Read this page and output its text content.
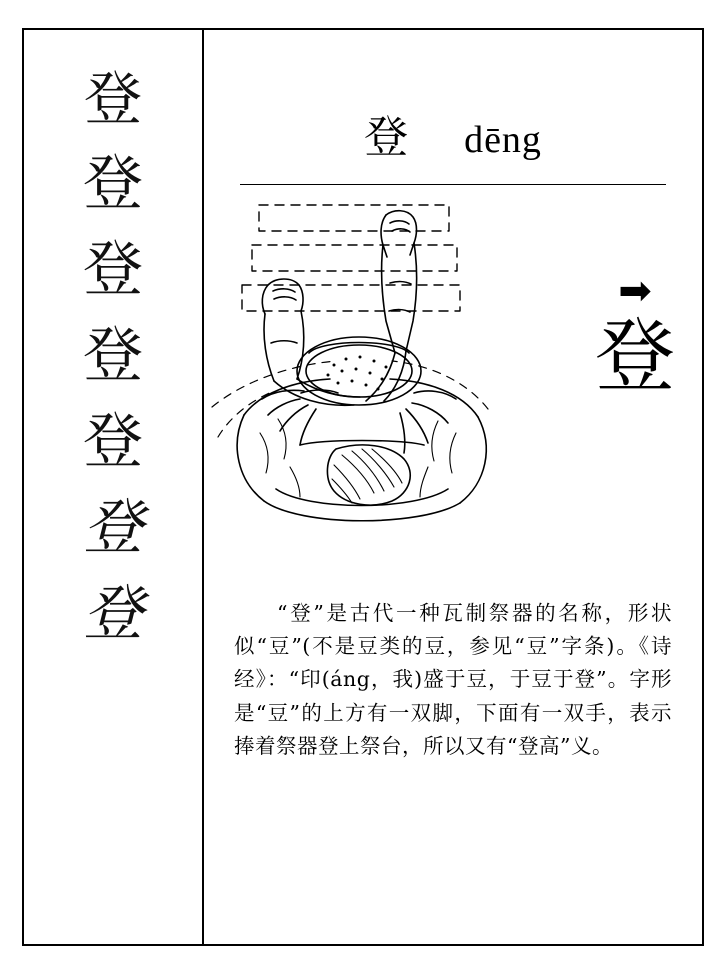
登
登
登
登
登
登
登
登 dēng
➡
登
“登”是古代一种瓦制祭器的名称，形状似“豆”(不是豆类的豆，参见“豆”字条)。《诗经》：“印(áng，我)盛于豆，于豆于登”。字形是“豆”的上方有一双脚，下面有一双手，表示捧着祭器登上祭台，所以又有“登高”义。
